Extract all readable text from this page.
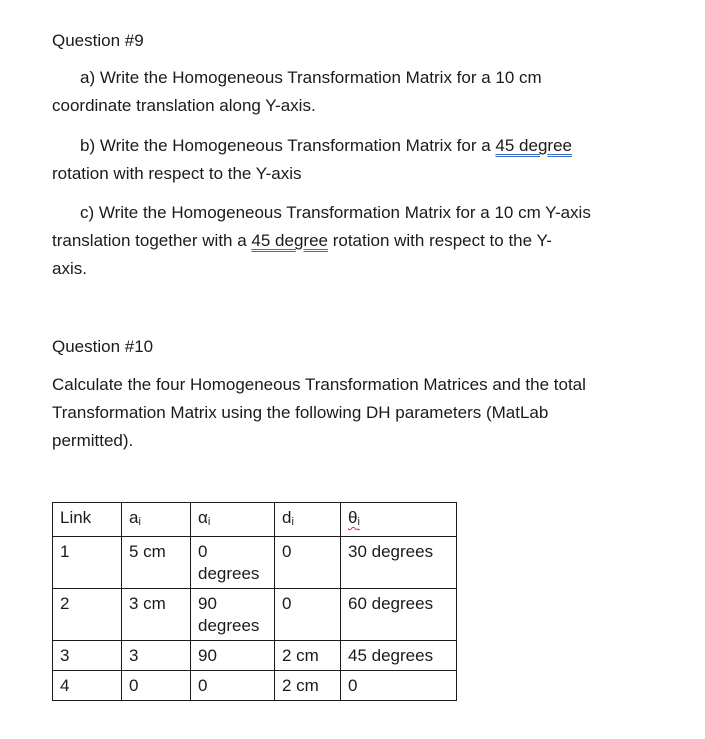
Question #9
a) Write the Homogeneous Transformation Matrix for a 10 cm
coordinate translation along Y-axis.
b) Write the Homogeneous Transformation Matrix for a 45 degree
rotation with respect to the Y-axis
c) Write the Homogeneous Transformation Matrix for a 10 cm Y-axis
translation together with a 45 degree rotation with respect to the Y-
axis.
Question #10
Calculate the four Homogeneous Transformation Matrices and the total
Transformation Matrix using the following DH parameters (MatLab
permitted).
Link	$a_i$	$\alpha_i$	$d_i$	$\theta_i$
1	5 cm	0 degrees	0	30 degrees
2	3 cm	90 degrees	0	60 degrees
3	3	90	2 cm	45 degrees
4	0	0	2 cm	0
